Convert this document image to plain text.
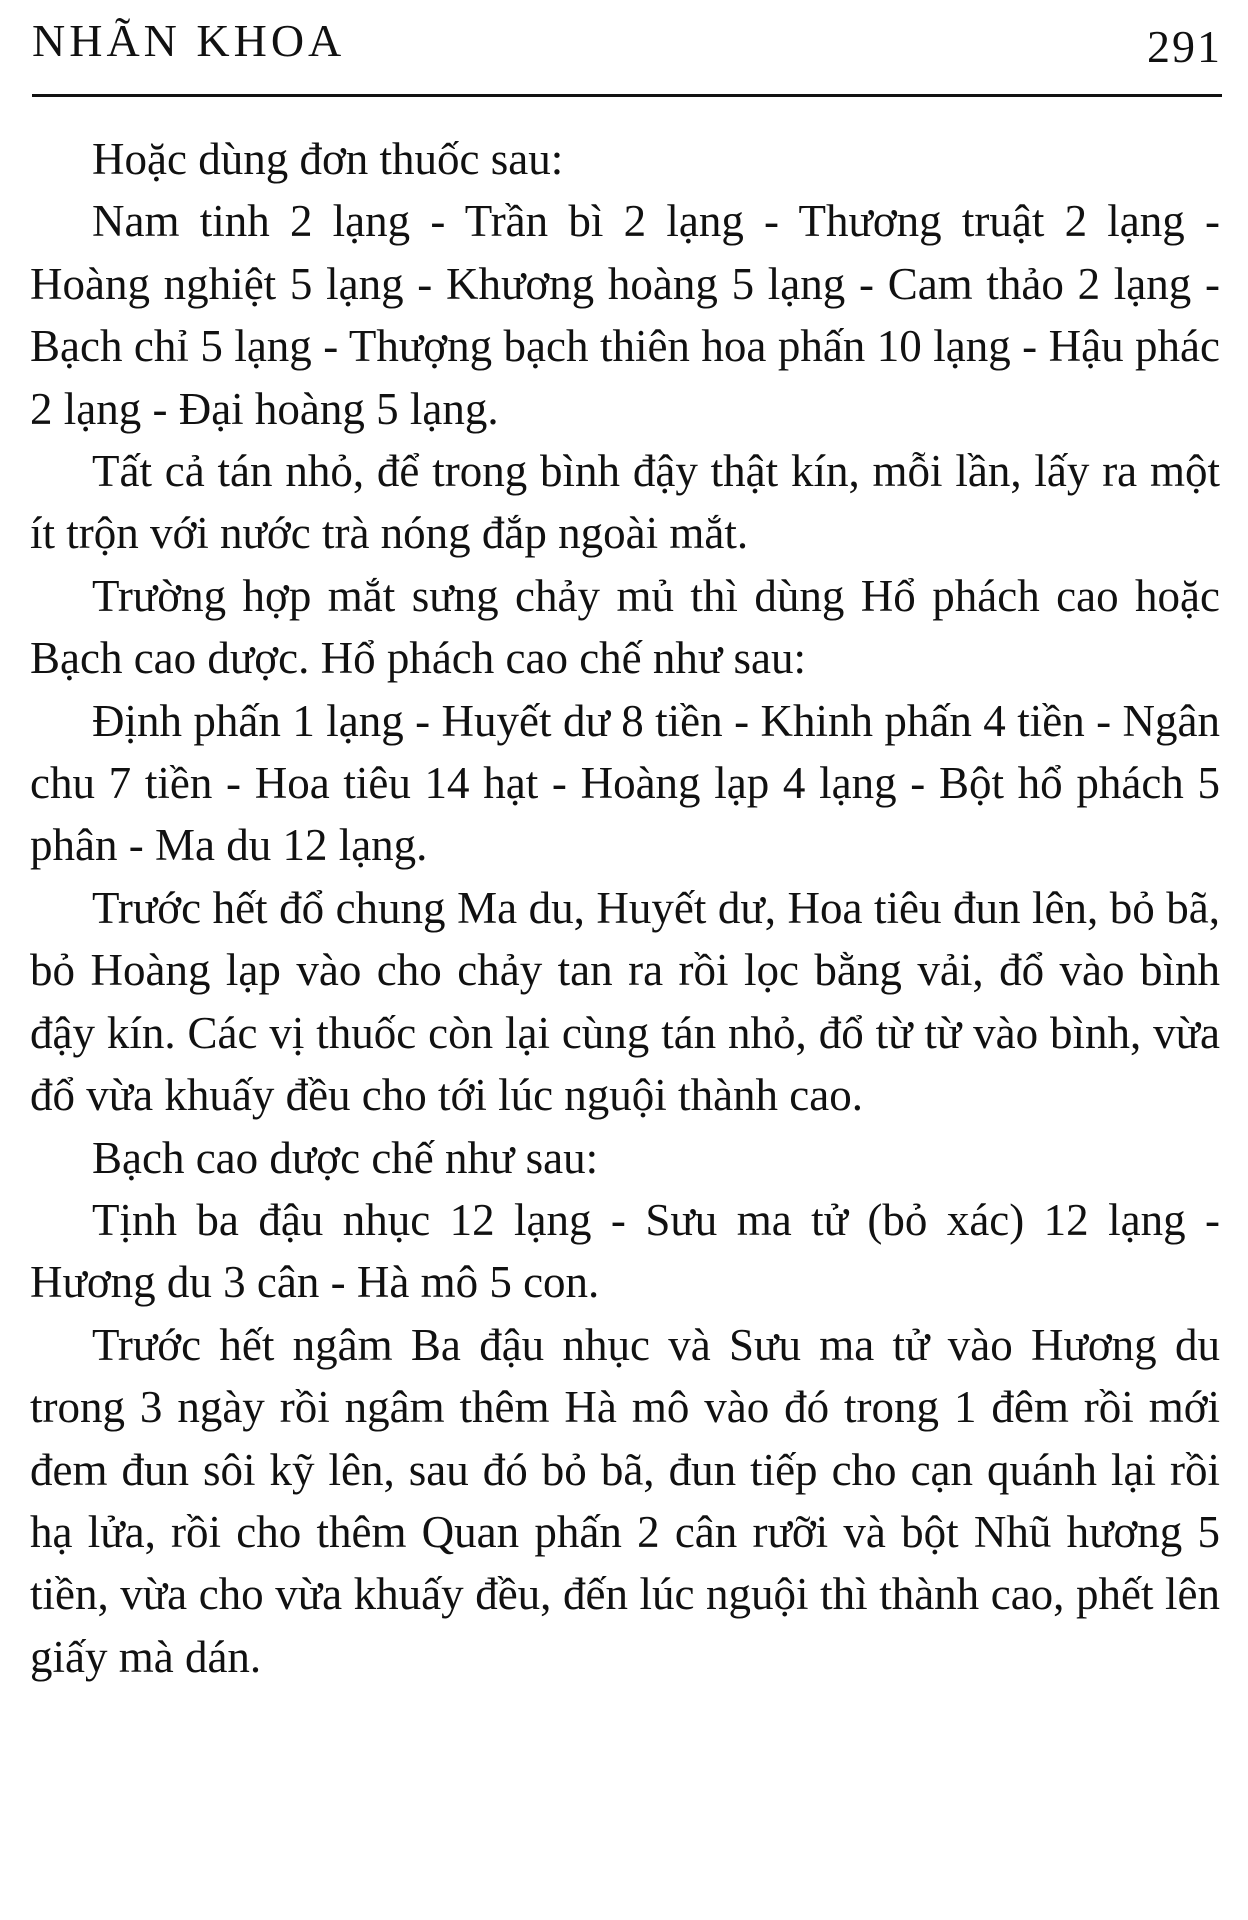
NHÃN KHOA	291

Hoặc dùng đơn thuốc sau:

Nam tinh 2 lạng - Trần bì 2 lạng - Thương truật 2 lạng - Hoàng nghiệt 5 lạng - Khương hoàng 5 lạng - Cam thảo 2 lạng - Bạch chỉ 5 lạng - Thượng bạch thiên hoa phấn 10 lạng - Hậu phác 2 lạng - Đại hoàng 5 lạng.

Tất cả tán nhỏ, để trong bình đậy thật kín, mỗi lần, lấy ra một ít trộn với nước trà nóng đắp ngoài mắt.

Trường hợp mắt sưng chảy mủ thì dùng Hổ phách cao hoặc Bạch cao dược. Hổ phách cao chế như sau:

Định phấn 1 lạng - Huyết dư 8 tiền - Khinh phấn 4 tiền - Ngân chu 7 tiền - Hoa tiêu 14 hạt - Hoàng lạp 4 lạng - Bột hổ phách 5 phân - Ma du 12 lạng.

Trước hết đổ chung Ma du, Huyết dư, Hoa tiêu đun lên, bỏ bã, bỏ Hoàng lạp vào cho chảy tan ra rồi lọc bằng vải, đổ vào bình đậy kín. Các vị thuốc còn lại cùng tán nhỏ, đổ từ từ vào bình, vừa đổ vừa khuấy đều cho tới lúc nguội thành cao.

Bạch cao dược chế như sau:

Tịnh ba đậu nhục 12 lạng - Sưu ma tử (bỏ xác) 12 lạng - Hương du 3 cân - Hà mô 5 con.

Trước hết ngâm Ba đậu nhục và Sưu ma tử vào Hương du trong 3 ngày rồi ngâm thêm Hà mô vào đó trong 1 đêm rồi mới đem đun sôi kỹ lên, sau đó bỏ bã, đun tiếp cho cạn quánh lại rồi hạ lửa, rồi cho thêm Quan phấn 2 cân rưỡi và bột Nhũ hương 5 tiền, vừa cho vừa khuấy đều, đến lúc nguội thì thành cao, phết lên giấy mà dán.
